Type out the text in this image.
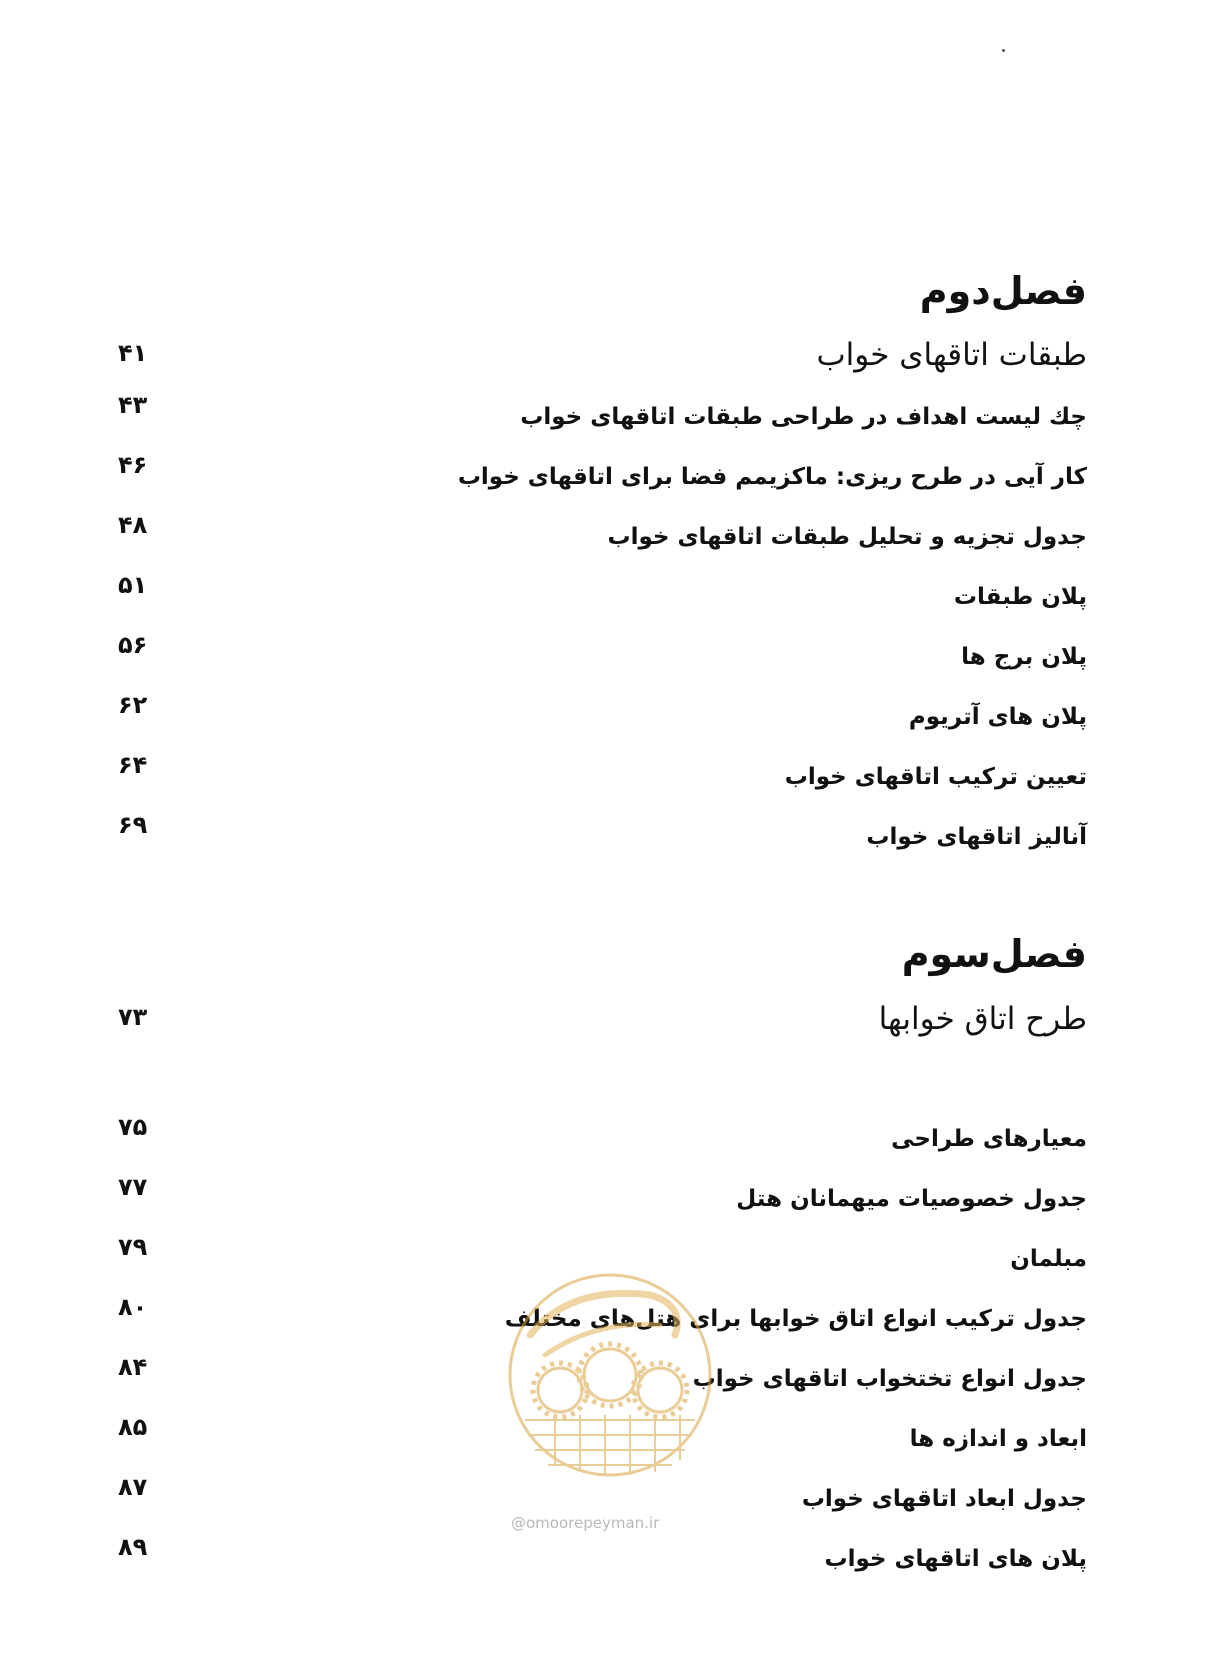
فصل‌دوم
طبقات اتاقهای خواب
۴۱
چك لیست اهداف در طراحی طبقات اتاقهای خواب
۴۳
كار آیی در طرح ریزی: ماكزیمم فضا برای اتاقهای خواب
۴۶
جدول تجزیه و تحلیل طبقات اتاقهای خواب
۴۸
پلان طبقات
۵۱
پلان برج ها
۵۶
پلان های آتریوم
۶۲
تعیین تركیب اتاقهای خواب
۶۴
آنالیز اتاقهای خواب
۶۹
فصل‌سوم
طرح اتاق خوابها
۷۳
معیارهای طراحی
۷۵
جدول خصوصیات میهمانان هتل
۷۷
مبلمان
۷۹
جدول تركیب انواع اتاق خوابها برای هتل‌های مختلف
۸۰
جدول انواع تختخواب اتاقهای خواب
۸۴
ابعاد و اندازه ها
۸۵
جدول ابعاد اتاقهای خواب
۸۷
پلان های اتاقهای خواب
۸۹
@omoorepeyman.ir
